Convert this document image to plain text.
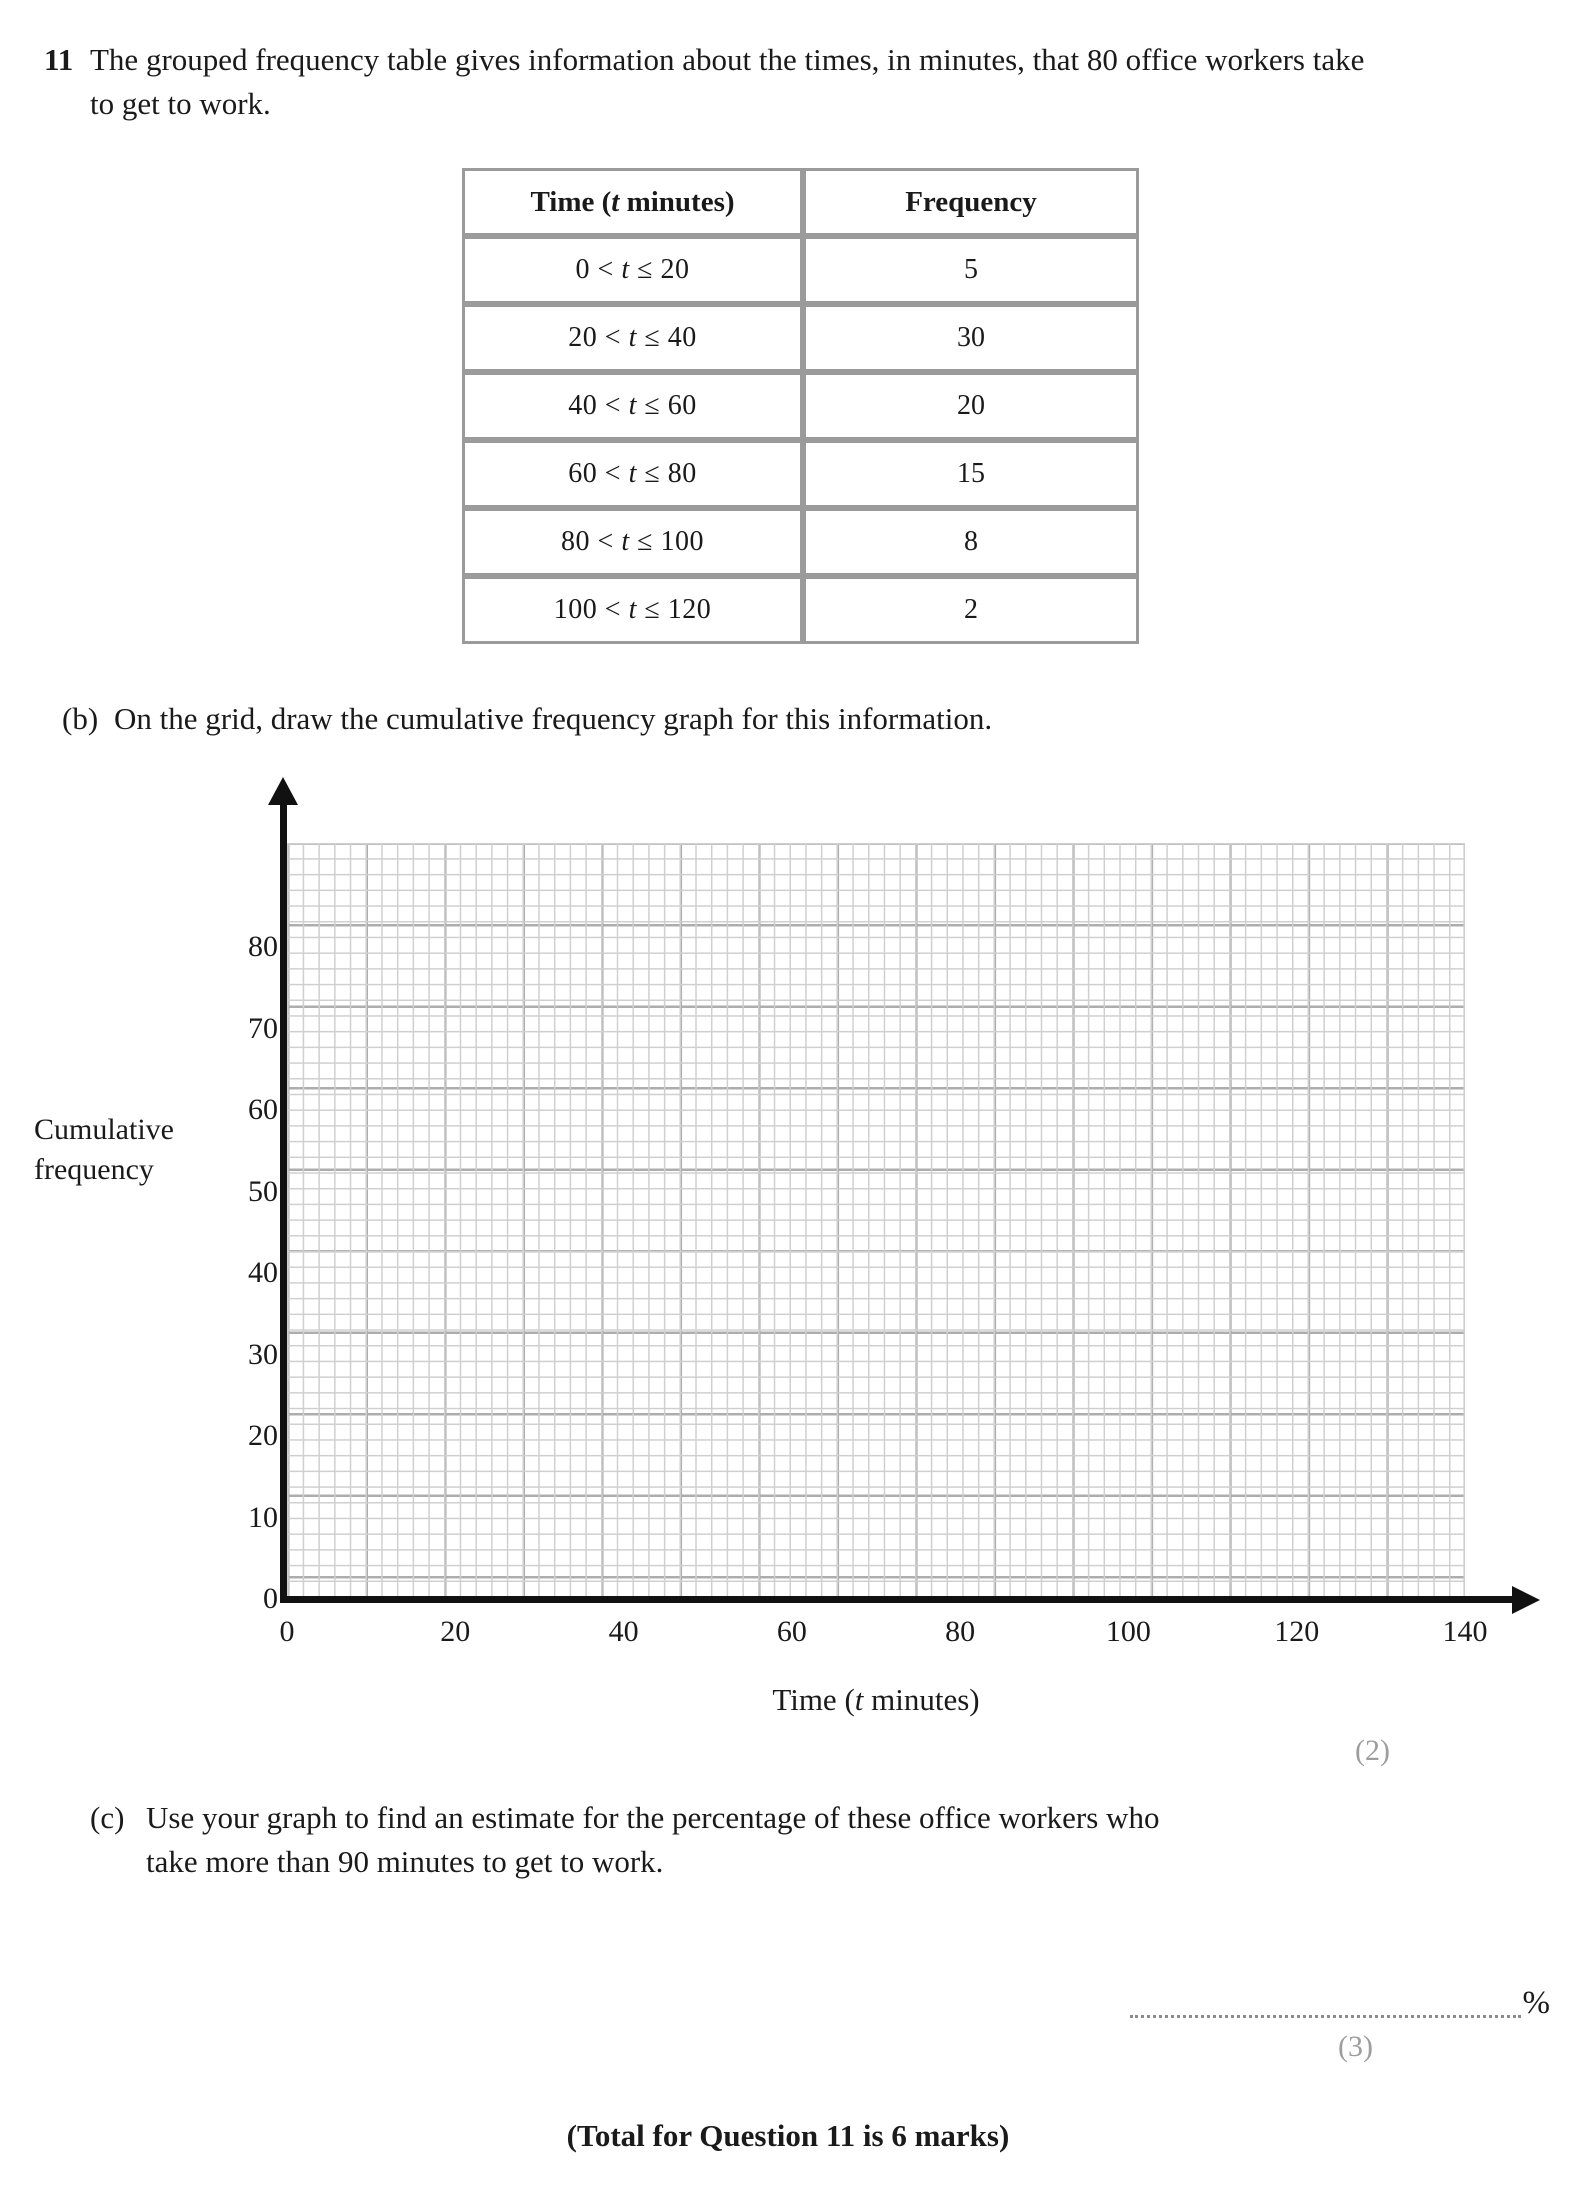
11 The grouped frequency table gives information about the times, in minutes, that 80 office workers take to get to work.
Time (t minutes)	Frequency
0 < t ≤ 20	5
20 < t ≤ 40	30
40 < t ≤ 60	20
60 < t ≤ 80	15
80 < t ≤ 100	8
100 < t ≤ 120	2
(b) On the grid, draw the cumulative frequency graph for this information.
0
10
20
30
40
50
60
70
80
0	20	40	60	80	100	120	140
Cumulative
frequency
Time (t minutes)
(2)
(c) Use your graph to find an estimate for the percentage of these office workers who
take more than 90 minutes to get to work.
%
(3)
(Total for Question 11 is 6 marks)
